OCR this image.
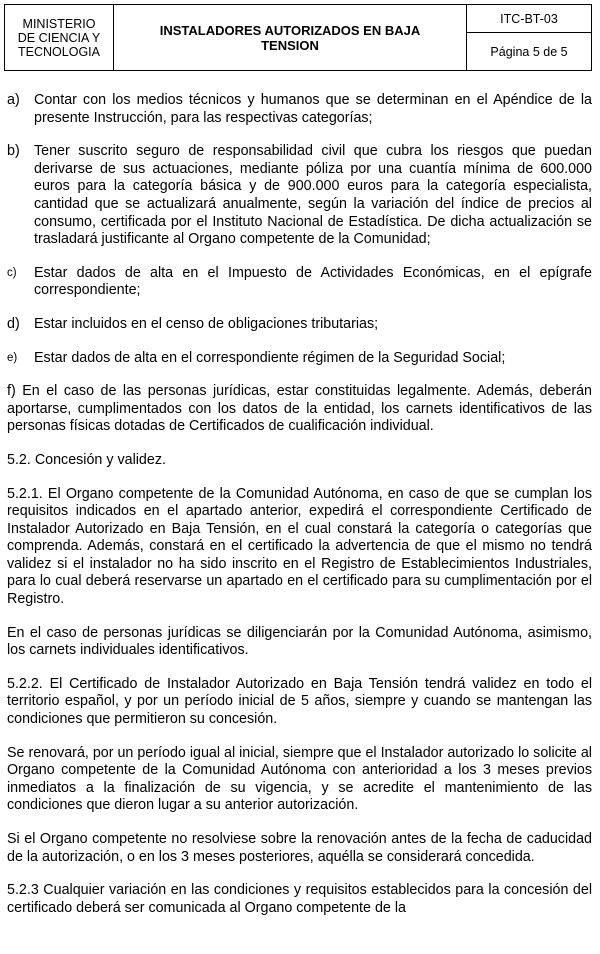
MINISTERIO
DE CIENCIA Y
TECNOLOGIA
INSTALADORES AUTORIZADOS EN BAJA
TENSION
ITC-BT-03
Página 5 de 5
a) Contar con los medios técnicos y humanos que se determinan en el Apéndice de la presente Instrucción, para las respectivas categorías;
b) Tener suscrito seguro de responsabilidad civil que cubra los riesgos que puedan derivarse de sus actuaciones, mediante póliza por una cuantía mínima de 600.000 euros para la categoría básica y de 900.000 euros para la categoría especialista, cantidad que se actualizará anualmente, según la variación del índice de precios al consumo, certificada por el Instituto Nacional de Estadística. De dicha actualización se trasladará justificante al Organo competente de la Comunidad;
c)	Estar dados de alta en el Impuesto de Actividades Económicas, en el epígrafe correspondiente;
d) Estar incluidos en el censo de obligaciones tributarias;
e)	Estar dados de alta en el correspondiente régimen de la Seguridad Social;

f) En el caso de las personas jurídicas, estar constituidas legalmente. Además, deberán aportarse, cumplimentados con los datos de la entidad, los carnets identificativos de las personas físicas dotadas de Certificados de cualificación individual.

5.2. Concesión y validez.

5.2.1. El Organo competente de la Comunidad Autónoma, en caso de que se cumplan los requisitos indicados en el apartado anterior, expedirá el correspondiente Certificado de Instalador Autorizado en Baja Tensión, en el cual constará la categoría o categorías que comprenda. Además, constará en el certificado la advertencia de que el mismo no tendrá validez si el instalador no ha sido inscrito en el Registro de Establecimientos Industriales, para lo cual deberá reservarse un apartado en el certificado para su cumplimentación por el Registro.

En el caso de personas jurídicas se diligenciarán por la Comunidad Autónoma, asimismo, los carnets individuales identificativos.

5.2.2. El Certificado de Instalador Autorizado en Baja Tensión tendrá validez en todo el territorio español, y por un período inicial de 5 años, siempre y cuando se mantengan las condiciones que permitieron su concesión.

Se renovará, por un período igual al inicial, siempre que el Instalador autorizado lo solicite al Organo competente de la Comunidad Autónoma con anterioridad a los 3 meses previos inmediatos a la finalización de su vigencia, y se acredite el mantenimiento de las condiciones que dieron lugar a su anterior autorización.

Si el Organo competente no resolviese sobre la renovación antes de la fecha de caducidad de la autorización, o en los 3 meses posteriores, aquélla se considerará concedida.

5.2.3 Cualquier variación en las condiciones y requisitos establecidos para la concesión del certificado deberá ser comunicada al Organo competente de la
